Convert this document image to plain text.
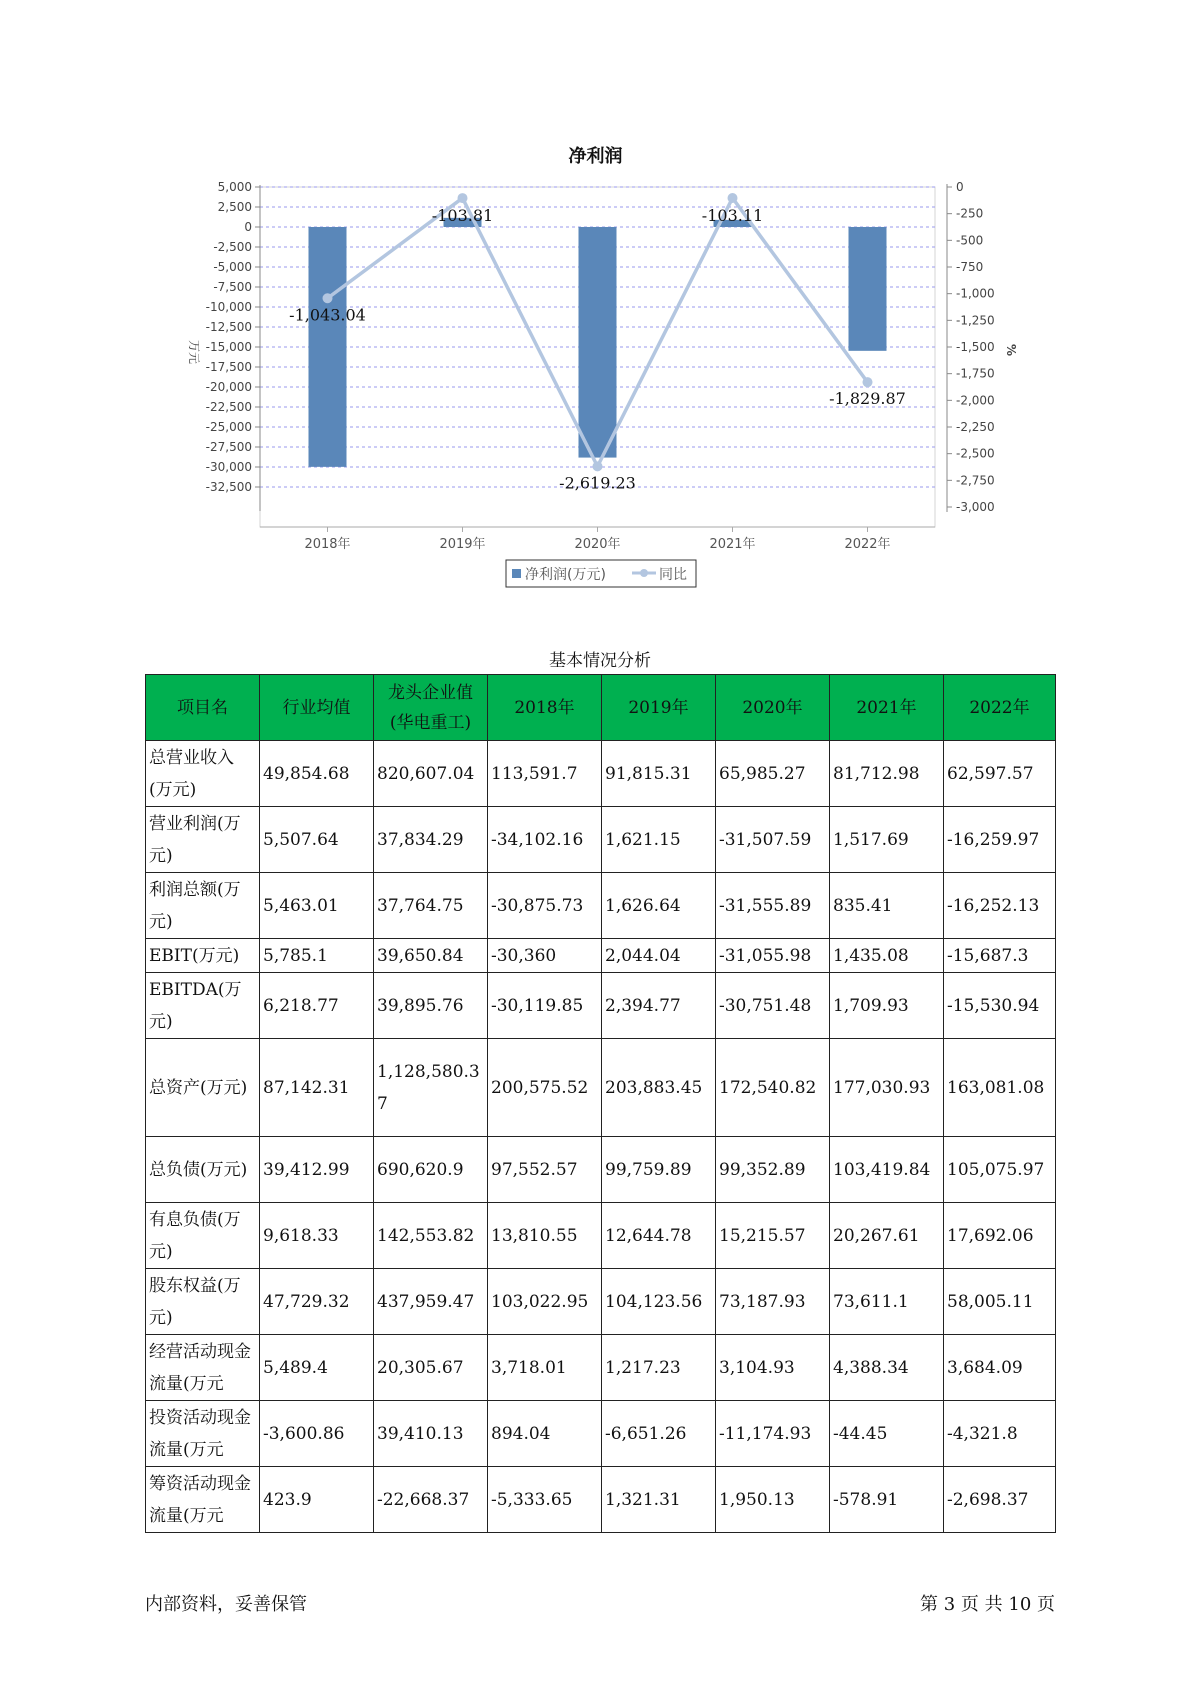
净利润
5,000
2,500
0
-2,500
-5,000
-7,500
-10,000
-12,500
-15,000
-17,500
-20,000
-22,500
-25,000
-27,500
-30,000
-32,500
0
-250
-500
-750
-1,000
-1,250
-1,500
-1,750
-2,000
-2,250
-2,500
-2,750
-3,000
万元	%
2018年	2019年	2020年	2021年	2022年
-1,043.04
-103.81
-2,619.23
-103.11
-1,829.87
净利润(万元)	同比
基本情况分析
项目名	行业均值	龙头企业值(华电重工)	2018年	2019年	2020年	2021年	2022年
总营业收入(万元)	49,854.68	820,607.04	113,591.7	91,815.31	65,985.27	81,712.98	62,597.57
营业利润(万元)	5,507.64	37,834.29	-34,102.16	1,621.15	-31,507.59	1,517.69	-16,259.97
利润总额(万元)	5,463.01	37,764.75	-30,875.73	1,626.64	-31,555.89	835.41	-16,252.13
EBIT(万元)	5,785.1	39,650.84	-30,360	2,044.04	-31,055.98	1,435.08	-15,687.3
EBITDA(万元)	6,218.77	39,895.76	-30,119.85	2,394.77	-30,751.48	1,709.93	-15,530.94
总资产(万元)	87,142.31	1,128,580.37	200,575.52	203,883.45	172,540.82	177,030.93	163,081.08
总负债(万元)	39,412.99	690,620.9	97,552.57	99,759.89	99,352.89	103,419.84	105,075.97
有息负债(万元)	9,618.33	142,553.82	13,810.55	12,644.78	15,215.57	20,267.61	17,692.06
股东权益(万元)	47,729.32	437,959.47	103,022.95	104,123.56	73,187.93	73,611.1	58,005.11
经营活动现金流量(万元	5,489.4	20,305.67	3,718.01	1,217.23	3,104.93	4,388.34	3,684.09
投资活动现金流量(万元	-3,600.86	39,410.13	894.04	-6,651.26	-11,174.93	-44.45	-4,321.8
筹资活动现金流量(万元	423.9	-22,668.37	-5,333.65	1,321.31	1,950.13	-578.91	-2,698.37
内部资料，妥善保管	第 3 页 共 10 页
